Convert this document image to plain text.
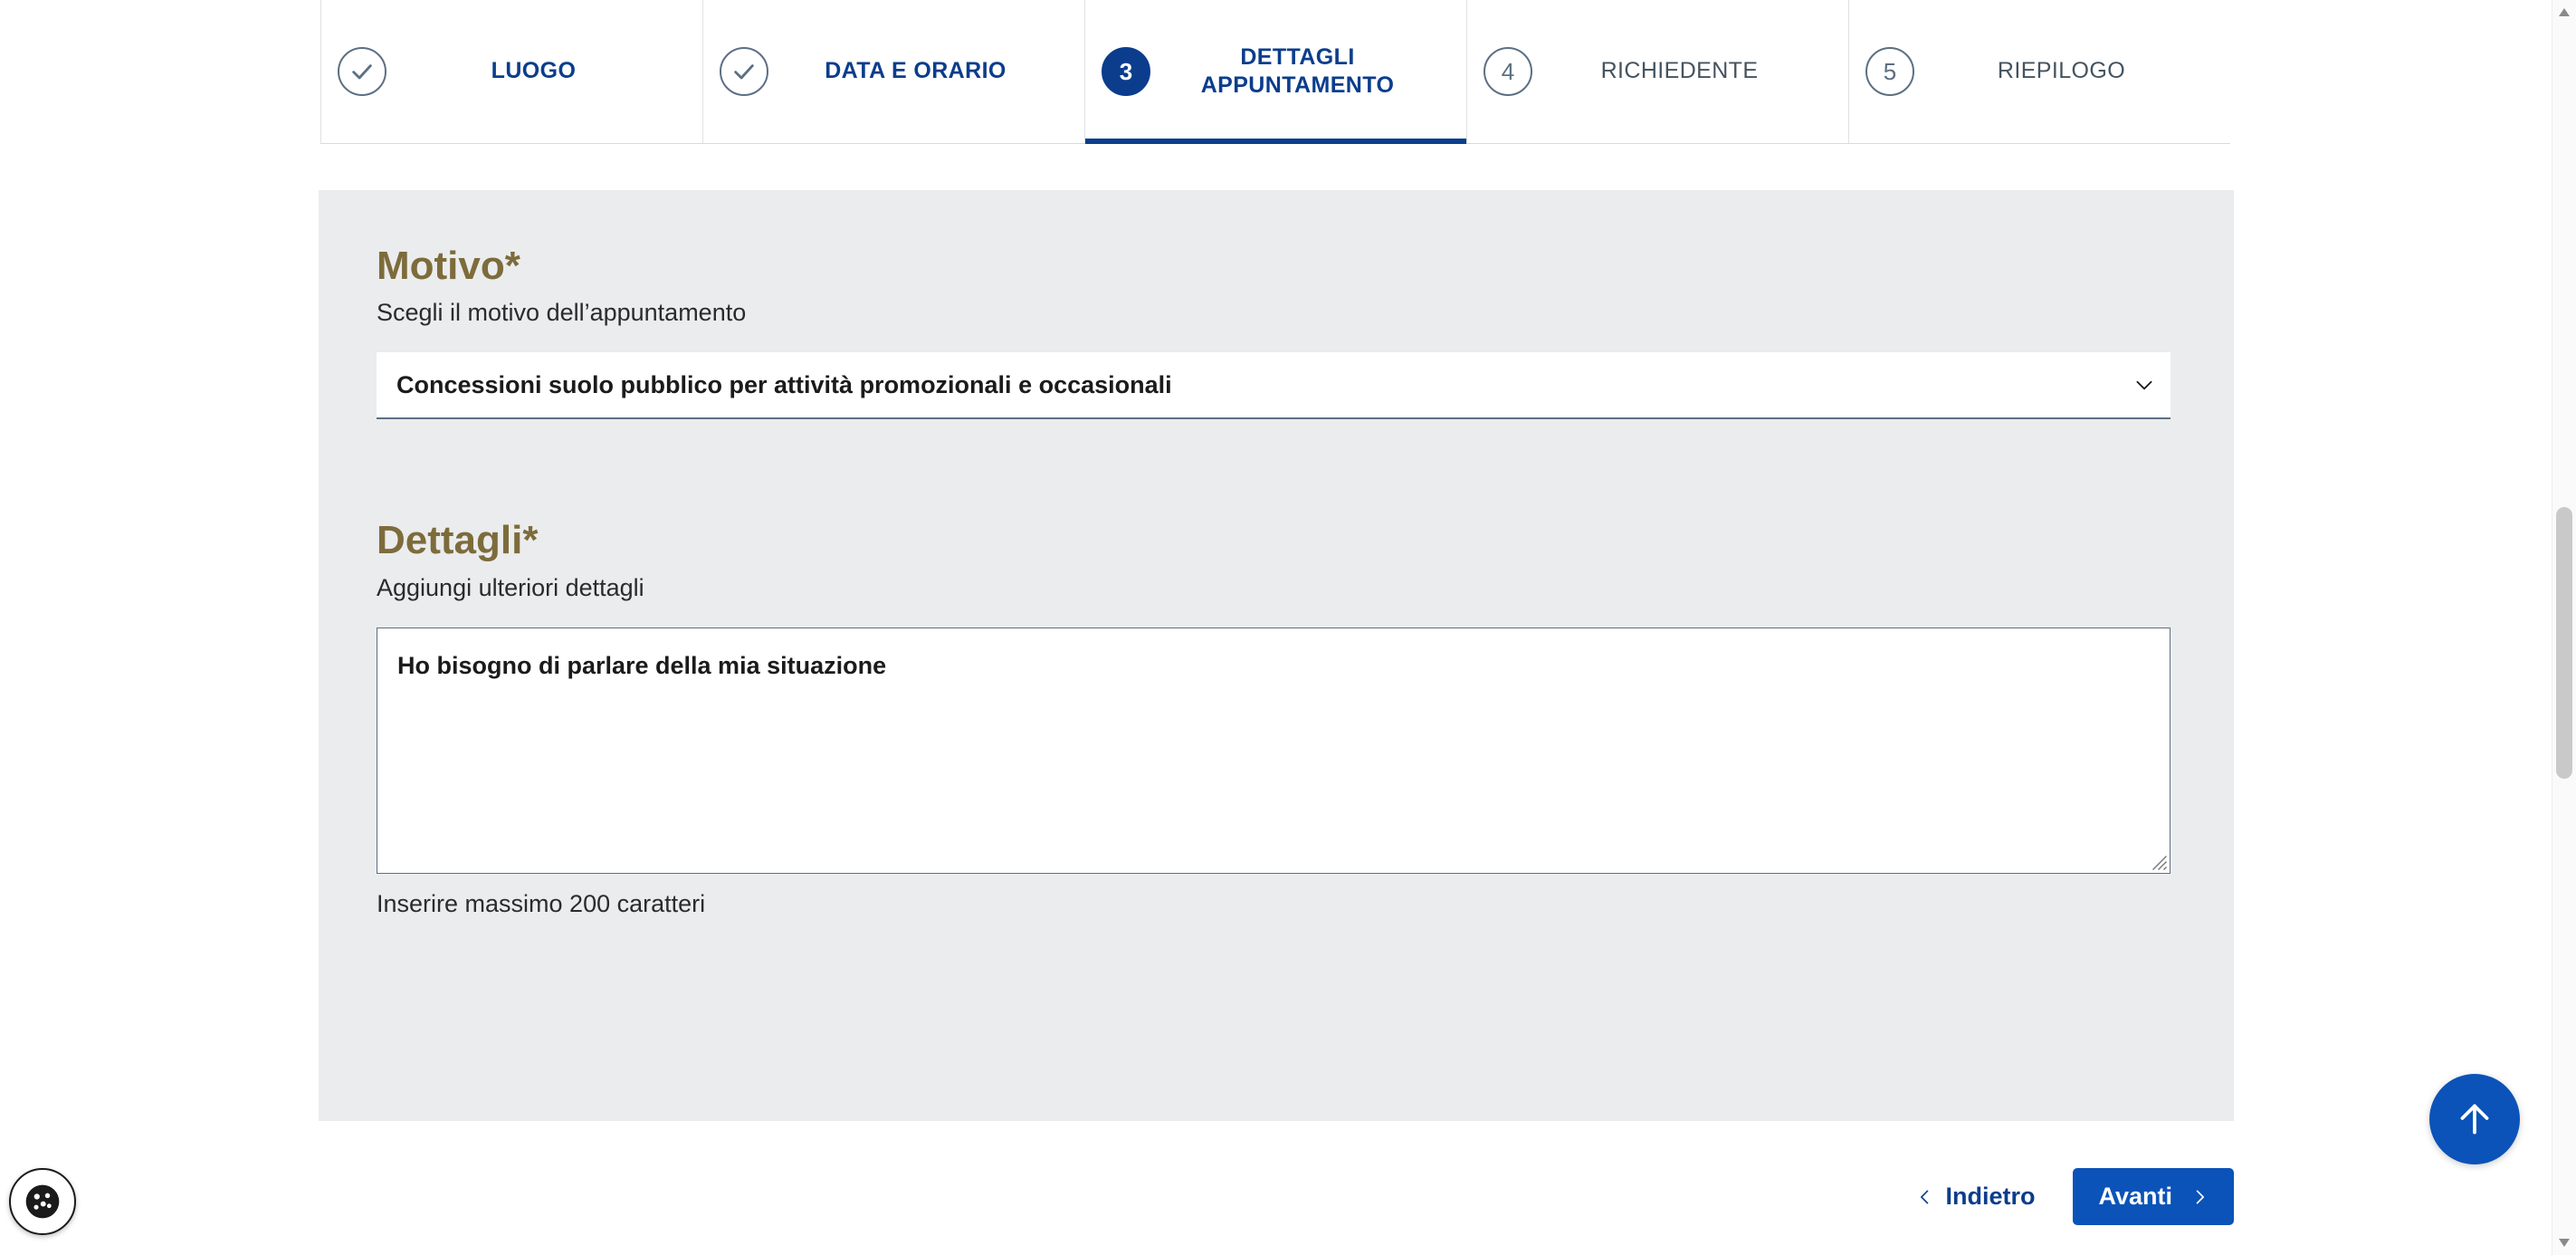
LUOGO	DATA E ORARIO	3
DETTAGLI APPUNTAMENTO
4	RICHIEDENTE	5	RIEPILOGO
Motivo*

Scegli il motivo dell’appuntamento

Concessioni suolo pubblico per attività promozionali e occasionali
Dettagli*

Aggiungi ulteriori dettagli

Ho bisogno di parlare della mia situazione
Inserire massimo 200 caratteri
Indietro	Avanti
